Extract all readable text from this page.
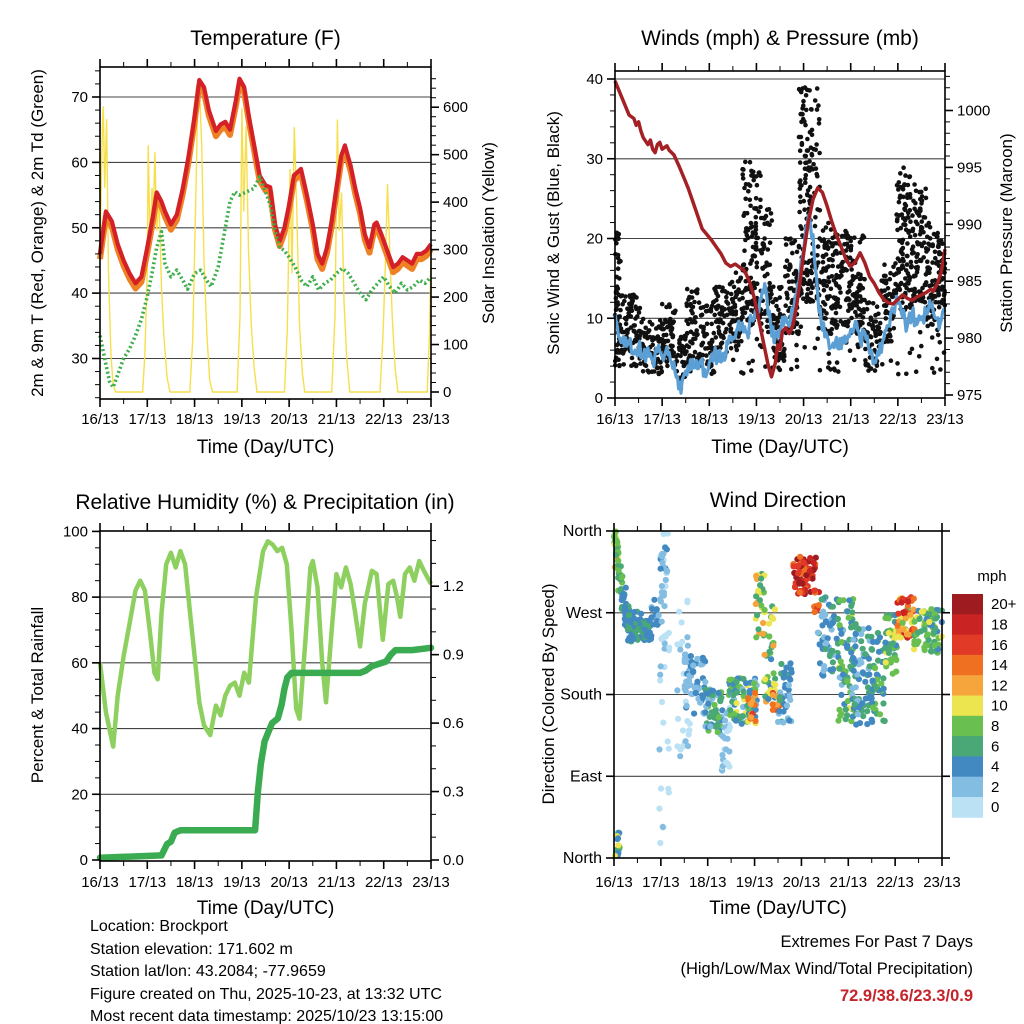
30
40
50
60
70
0
100
200
300
400
500
600
16/13 17/13 18/13 19/13 20/13 21/13 22/13 23/13
0
10
20
30
40
975
980
985
990
995
1000
16/13 17/13 18/13 19/13 20/13 21/13 22/13 23/13
0
20
40
60
80
100
0.0
0.3
0.6
0.9
1.2
16/13 17/13 18/13 19/13 20/13 21/13 22/13 23/13
North
West
South
East
North
16/13 17/13 18/13 19/13 20/13 21/13 22/13 23/13
20+
18
16
14
12
10
8
6
4
2
0
Temperature (F)	Winds (mph) & Pressure (mb)
Relative Humidity (%) & Precipitation (in)	Wind Direction
Time (Day/UTC)	Time (Day/UTC)
Time (Day/UTC)	Time (Day/UTC)
2m & 9m T (Red, Orange) & 2m Td (Green)	Solar Insolation (Yellow)	Sonic Wind & Gust (Blue, Black)	Station Pressure (Maroon)
Percent & Total Rainfall	Direction (Colored By Speed)
mph
Location: Brockport
Station elevation: 171.602 m
Station lat/lon: 43.2084; -77.9659
Figure created on Thu, 2025-10-23, at 13:32 UTC
Most recent data timestamp: 2025/10/23 13:15:00
Extremes For Past 7 Days
(High/Low/Max Wind/Total Precipitation)
72.9/38.6/23.3/0.9
